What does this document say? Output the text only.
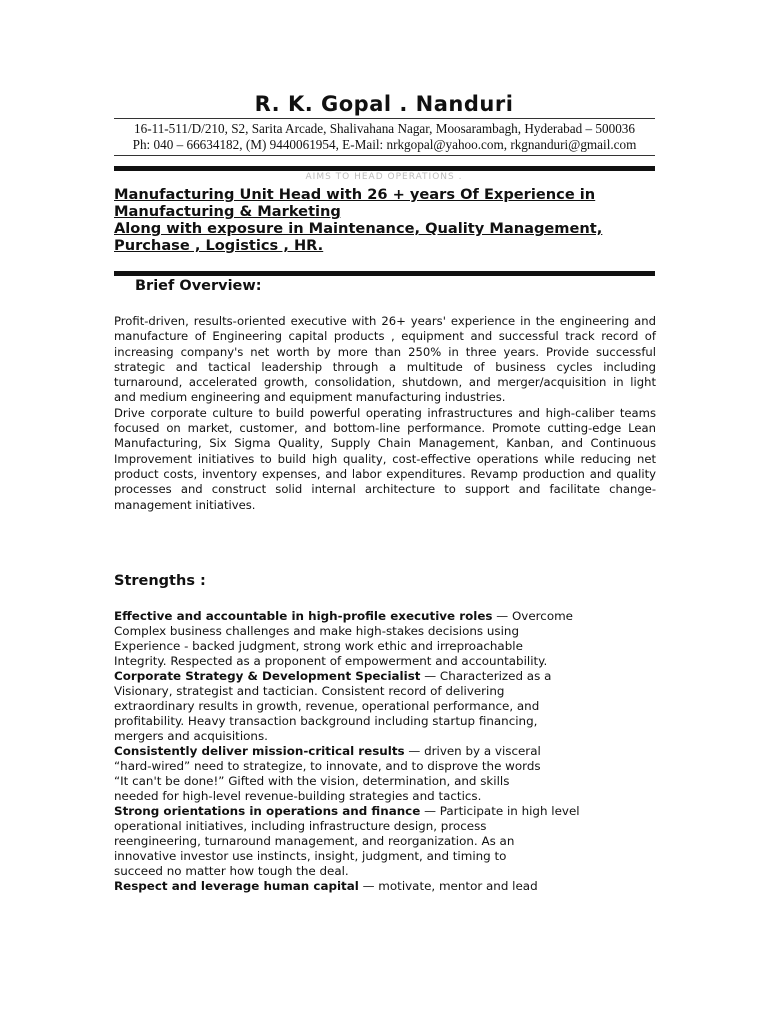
R. K. Gopal . Nanduri
16-11-511/D/210, S2, Sarita Arcade, Shalivahana Nagar, Moosarambagh, Hyderabad – 500036
Ph: 040 – 66634182, (M) 9440061954, E-Mail: nrkgopal@yahoo.com, rkgnanduri@gmail.com
AIMS TO HEAD OPERATIONS .
Manufacturing Unit Head with 26 + years Of Experience in
Manufacturing & Marketing
Along with exposure in Maintenance, Quality Management,
Purchase , Logistics , HR.
Brief Overview:

Profit-driven, results-oriented executive with 26+ years' experience in the engineering and manufacture of Engineering capital products , equipment and successful track record of increasing company's net worth by more than 250% in three years. Provide successful strategic and tactical leadership through a multitude of business cycles including turnaround, accelerated growth, consolidation, shutdown, and merger/acquisition in light and medium engineering and equipment manufacturing industries.

Drive corporate culture to build powerful operating infrastructures and high-caliber teams focused on market, customer, and bottom-line performance. Promote cutting-edge Lean Manufacturing, Six Sigma Quality, Supply Chain Management, Kanban, and Continuous Improvement initiatives to build high quality, cost-effective operations while reducing net product costs, inventory expenses, and labor expenditures. Revamp production and quality processes and construct solid internal architecture to support and facilitate change-management initiatives.

Strengths :
Effective and accountable in high-profile executive roles — Overcome
Complex business challenges and make high-stakes decisions using
Experience - backed judgment, strong work ethic and irreproachable
Integrity. Respected as a proponent of empowerment and accountability.
Corporate Strategy & Development Specialist — Characterized as a
Visionary, strategist and tactician. Consistent record of delivering
extraordinary results in growth, revenue, operational performance, and
profitability. Heavy transaction background including startup financing,
mergers and acquisitions.
Consistently deliver mission-critical results — driven by a visceral
“hard-wired” need to strategize, to innovate, and to disprove the words
“It can't be done!” Gifted with the vision, determination, and skills
needed for high-level revenue-building strategies and tactics.
Strong orientations in operations and finance — Participate in high level
operational initiatives, including infrastructure design, process
reengineering, turnaround management, and reorganization. As an
innovative investor use instincts, insight, judgment, and timing to
succeed no matter how tough the deal.
Respect and leverage human capital — motivate, mentor and lead
